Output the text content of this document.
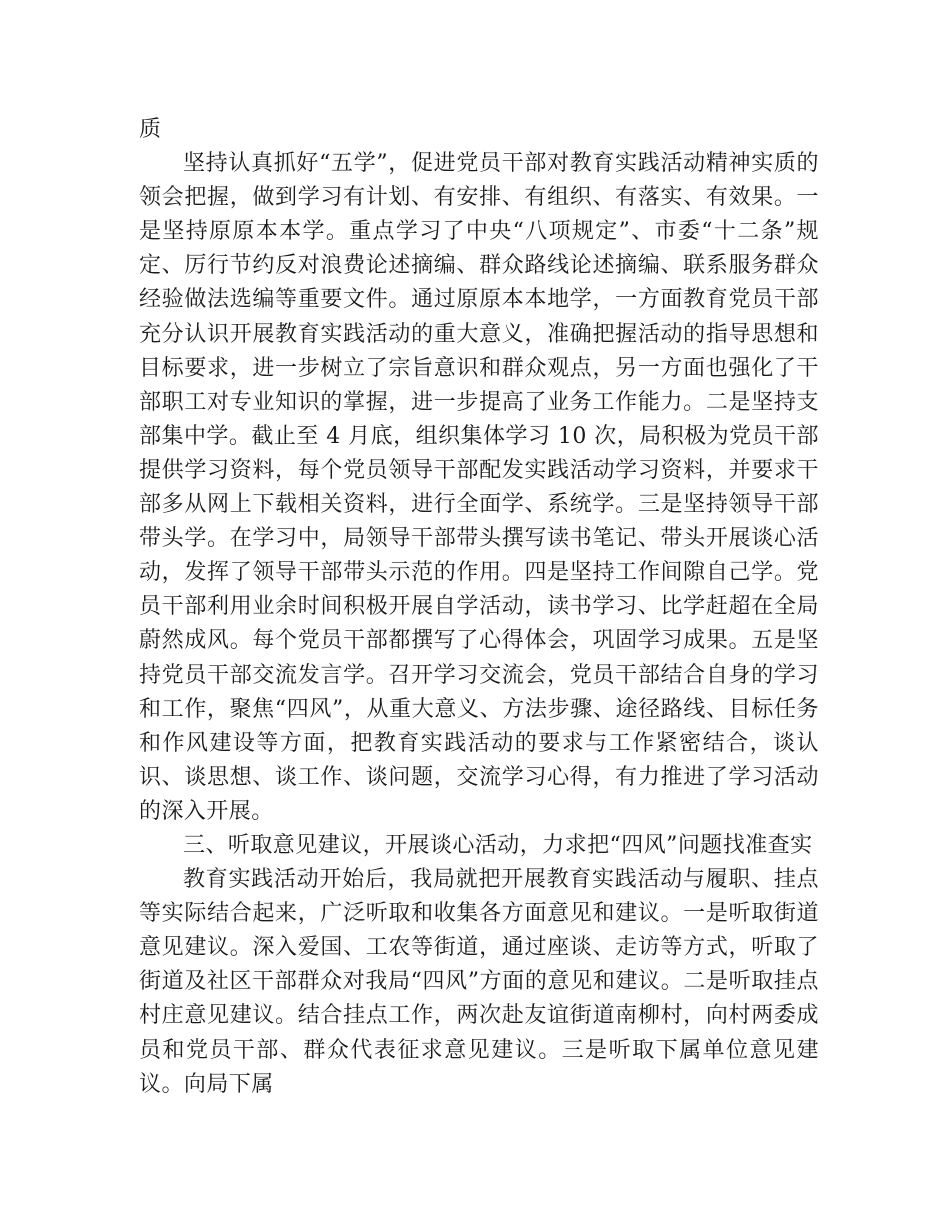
质

坚持认真抓好“五学”，促进党员干部对教育实践活动精神实质的领会把握，做到学习有计划、有安排、有组织、有落实、有效果。一是坚持原原本本学。重点学习了中央“八项规定”、市委“十二条”规定、厉行节约反对浪费论述摘编、群众路线论述摘编、联系服务群众经验做法选编等重要文件。通过原原本本地学，一方面教育党员干部充分认识开展教育实践活动的重大意义，准确把握活动的指导思想和目标要求，进一步树立了宗旨意识和群众观点，另一方面也强化了干部职工对专业知识的掌握，进一步提高了业务工作能力。二是坚持支部集中学。截止至 4 月底，组织集体学习 10 次，局积极为党员干部提供学习资料，每个党员领导干部配发实践活动学习资料，并要求干部多从网上下载相关资料，进行全面学、系统学。三是坚持领导干部带头学。在学习中，局领导干部带头撰写读书笔记、带头开展谈心活动，发挥了领导干部带头示范的作用。四是坚持工作间隙自己学。党员干部利用业余时间积极开展自学活动，读书学习、比学赶超在全局蔚然成风。每个党员干部都撰写了心得体会，巩固学习成果。五是坚持党员干部交流发言学。召开学习交流会，党员干部结合自身的学习和工作，聚焦“四风”，从重大意义、方法步骤、途径路线、目标任务和作风建设等方面，把教育实践活动的要求与工作紧密结合，谈认识、谈思想、谈工作、谈问题，交流学习心得，有力推进了学习活动的深入开展。

三、听取意见建议，开展谈心活动，力求把“四风”问题找准查实

教育实践活动开始后，我局就把开展教育实践活动与履职、挂点等实际结合起来，广泛听取和收集各方面意见和建议。一是听取街道意见建议。深入爱国、工农等街道，通过座谈、走访等方式，听取了街道及社区干部群众对我局“四风”方面的意见和建议。二是听取挂点村庄意见建议。结合挂点工作，两次赴友谊街道南柳村，向村两委成员和党员干部、群众代表征求意见建议。三是听取下属单位意见建议。向局下属
